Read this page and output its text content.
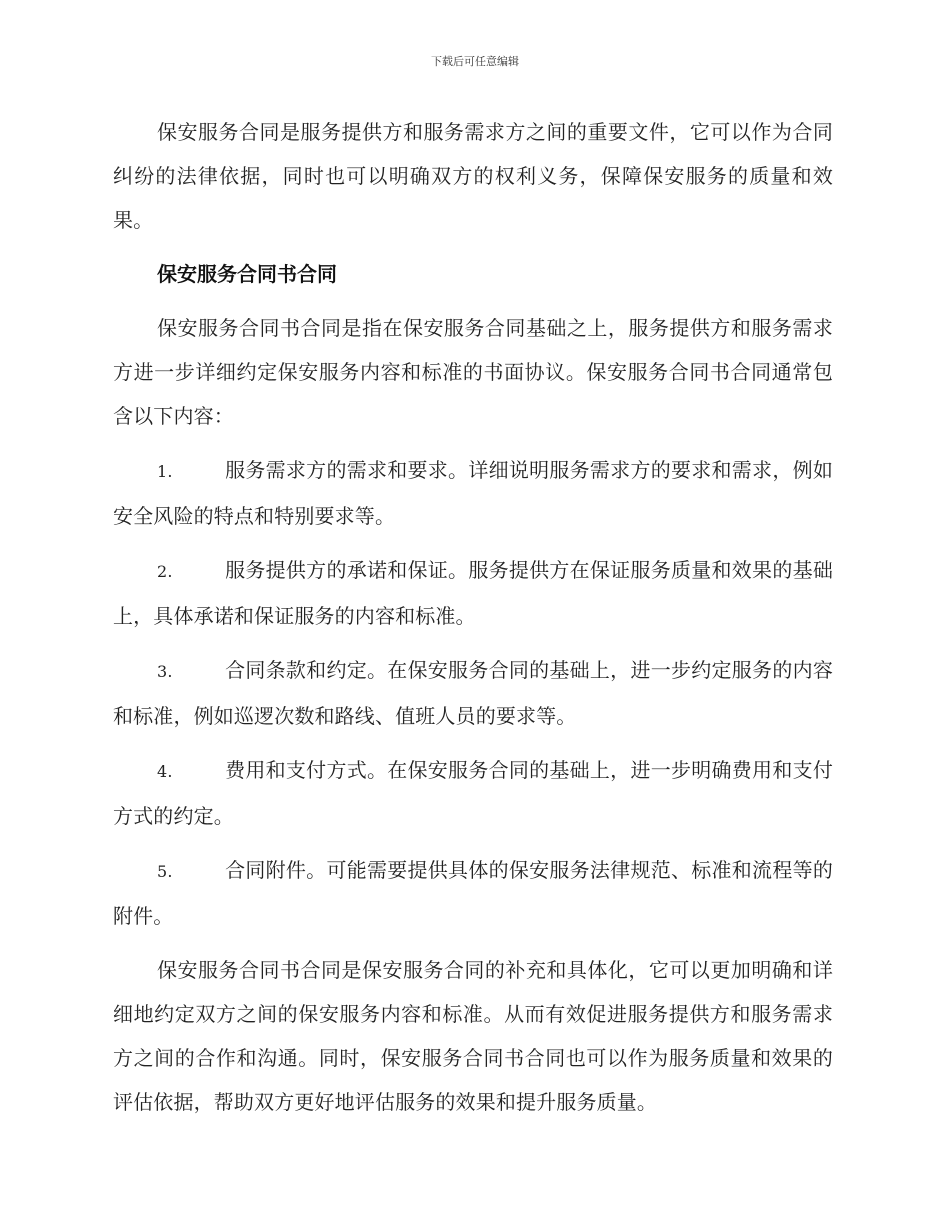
下载后可任意编辑

保安服务合同是服务提供方和服务需求方之间的重要文件，它可以作为合同纠纷的法律依据，同时也可以明确双方的权利义务，保障保安服务的质量和效果。

保安服务合同书合同

保安服务合同书合同是指在保安服务合同基础之上，服务提供方和服务需求方进一步详细约定保安服务内容和标准的书面协议。保安服务合同书合同通常包含以下内容：

1.	服务需求方的需求和要求。详细说明服务需求方的要求和需求，例如安全风险的特点和特别要求等。

2.	服务提供方的承诺和保证。服务提供方在保证服务质量和效果的基础上，具体承诺和保证服务的内容和标准。

3.	合同条款和约定。在保安服务合同的基础上，进一步约定服务的内容和标准，例如巡逻次数和路线、值班人员的要求等。

4.	费用和支付方式。在保安服务合同的基础上，进一步明确费用和支付方式的约定。

5.	合同附件。可能需要提供具体的保安服务法律规范、标准和流程等的附件。

保安服务合同书合同是保安服务合同的补充和具体化，它可以更加明确和详细地约定双方之间的保安服务内容和标准。从而有效促进服务提供方和服务需求方之间的合作和沟通。同时，保安服务合同书合同也可以作为服务质量和效果的评估依据，帮助双方更好地评估服务的效果和提升服务质量。
